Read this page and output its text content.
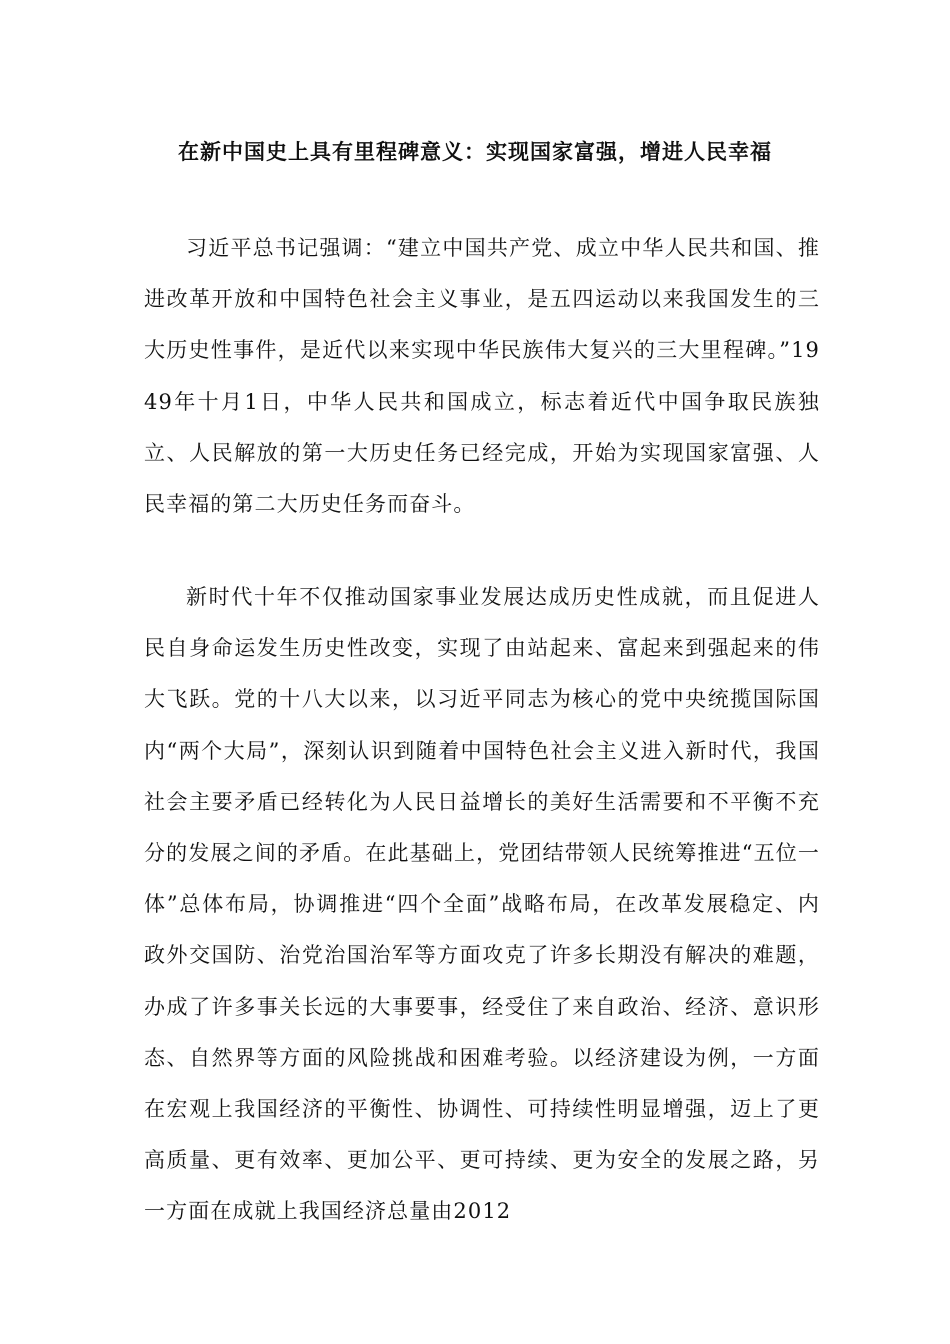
在新中国史上具有里程碑意义：实现国家富强，增进人民幸福

习近平总书记强调：“建立中国共产党、成立中华人民共和国、推进改革开放和中国特色社会主义事业，是五四运动以来我国发生的三大历史性事件，是近代以来实现中华民族伟大复兴的三大里程碑。”1949年十月1日，中华人民共和国成立，标志着近代中国争取民族独立、人民解放的第一大历史任务已经完成，开始为实现国家富强、人民幸福的第二大历史任务而奋斗。

新时代十年不仅推动国家事业发展达成历史性成就，而且促进人民自身命运发生历史性改变，实现了由站起来、富起来到强起来的伟大飞跃。党的十八大以来，以习近平同志为核心的党中央统揽国际国内“两个大局”，深刻认识到随着中国特色社会主义进入新时代，我国社会主要矛盾已经转化为人民日益增长的美好生活需要和不平衡不充分的发展之间的矛盾。在此基础上，党团结带领人民统筹推进“五位一体”总体布局，协调推进“四个全面”战略布局，在改革发展稳定、内政外交国防、治党治国治军等方面攻克了许多长期没有解决的难题，办成了许多事关长远的大事要事，经受住了来自政治、经济、意识形态、自然界等方面的风险挑战和困难考验。以经济建设为例，一方面在宏观上我国经济的平衡性、协调性、可持续性明显增强，迈上了更高质量、更有效率、更加公平、更可持续、更为安全的发展之路，另一方面在成就上我国经济总量由2012
